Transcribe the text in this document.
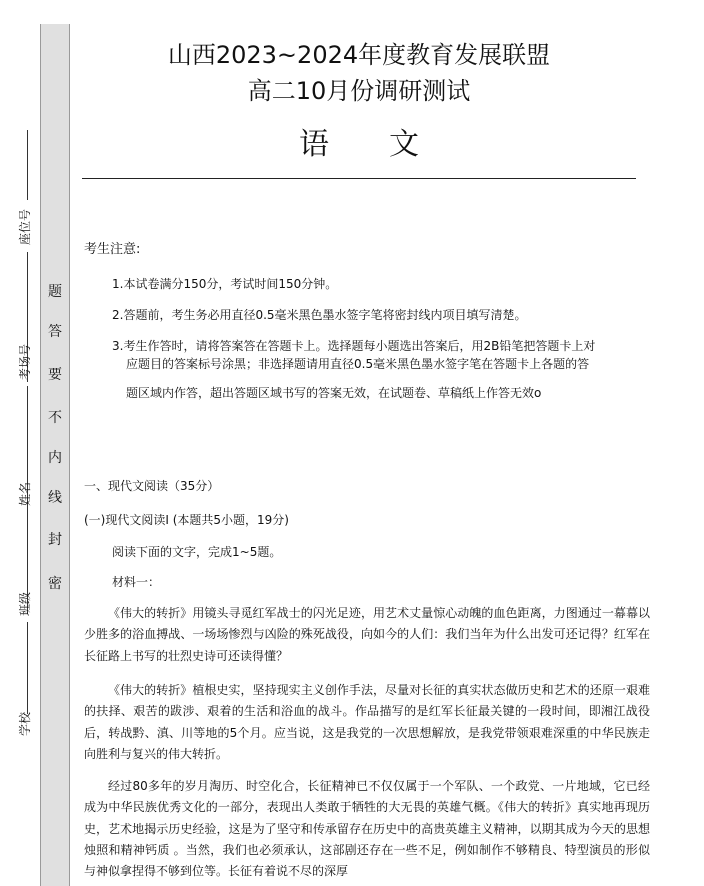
题
答
要
不
内
线
封
密
座位号
考场号
姓名
班级
学校
山西2023~2024年度教育发展联盟
高二10月份调研测试
语 文
考生注意:
1.本试卷满分150分，考试时间150分钟。
2.答题前，考生务必用直径0.5毫米黑色墨水签字笔将密封线内项目填写清楚。
3.考生作答时，请将答案答在答题卡上。选择题每小题选出答案后，用2B铅笔把答题卡上对
应题目的答案标号涂黑；非选择题请用直径0.5毫米黑色墨水签字笔在答题卡上各题的答
题区域内作答，超出答题区域书写的答案无效，在试题卷、草稿纸上作答无效o
一、现代文阅读（35分）
(一)现代文阅读Ⅰ (本题共5小题，19分)
阅读下面的文字，完成1~5题。
材料一：
《伟大的转折》用镜头寻觅红军战士的闪光足迹，用艺术丈量惊心动魄的血色距离，力图通过一幕幕以少胜多的浴血搏战、一场场惨烈与凶险的殊死战役，向如今的人们：我们当年为什么出发可还记得？红军在长征路上书写的壮烈史诗可还读得懂？
《伟大的转折》植根史实，坚持现实主义创作手法，尽量对长征的真实状态做历史和艺术的还原一艰难的扶择、艰苦的跋涉、艰着的生活和浴血的战斗。作品描写的是红军长征最关键的一段时间，即湘江战役后，转战黔、滇、川等地的5个月。应当说，这是我党的一次思想解放，是我党带领艰难深重的中华民族走向胜利与复兴的伟大转折。
经过80多年的岁月淘历、时空化合，长征精神已不仅仅属于一个军队、一个政党、一片地域，它已经成为中华民族优秀文化的一部分，表现出人类敢于牺牲的大无畏的英雄气概。《伟大的转折》真实地再现历史，艺术地揭示历史经验，这是为了坚守和传承留存在历史中的高贵英雄主义精神，以期其成为今天的思想烛照和精神钙质 。当然，我们也必须承认，这部剧还存在一些不足，例如制作不够精良、特型演员的形似与神似拿捏得不够到位等。长征有着说不尽的深厚
